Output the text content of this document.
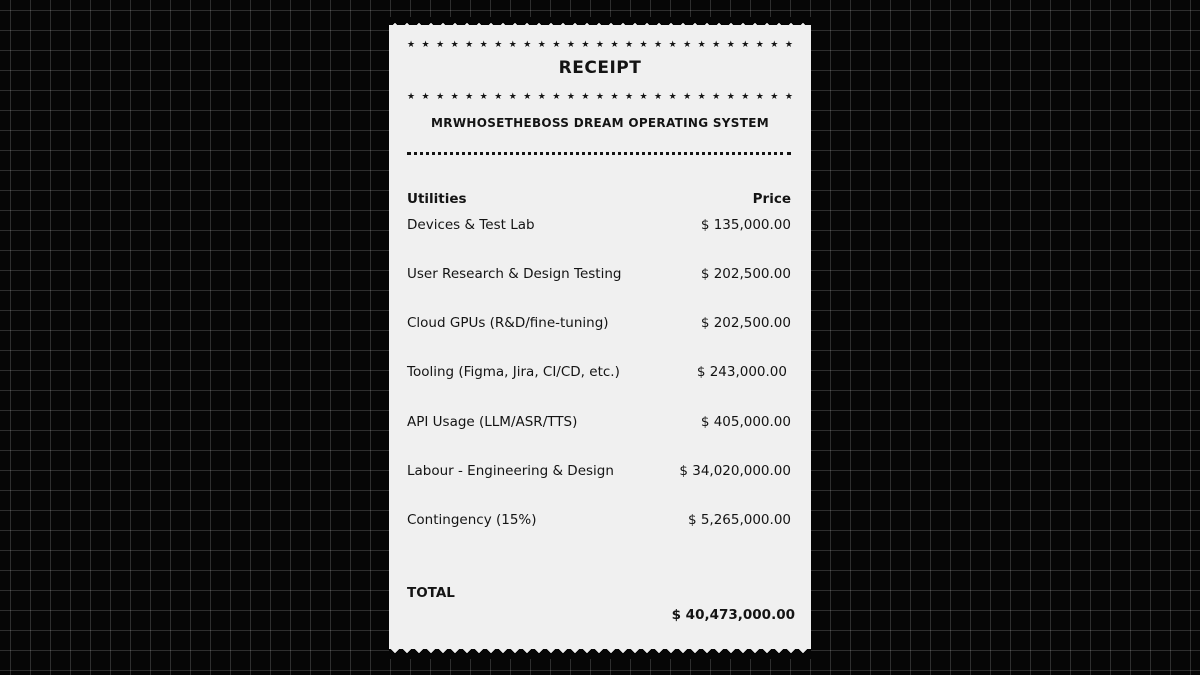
★ ★ ★ ★ ★ ★ ★ ★ ★ ★ ★ ★ ★ ★ ★ ★ ★ ★ ★ ★ ★ ★ ★ ★ ★ ★ ★
RECEIPT
★ ★ ★ ★ ★ ★ ★ ★ ★ ★ ★ ★ ★ ★ ★ ★ ★ ★ ★ ★ ★ ★ ★ ★ ★ ★ ★
MRWHOSETHEBOSS DREAM OPERATING SYSTEM
Utilities	Price
Devices & Test Lab	$ 135,000.00
User Research & Design Testing	$ 202,500.00
Cloud GPUs (R&D/fine-tuning)	$ 202,500.00
Tooling (Figma, Jira, CI/CD, etc.)	$ 243,000.00
API Usage (LLM/ASR/TTS)	$ 405,000.00
Labour - Engineering & Design	$ 34,020,000.00
Contingency (15%)	$ 5,265,000.00
TOTAL
$ 40,473,000.00
